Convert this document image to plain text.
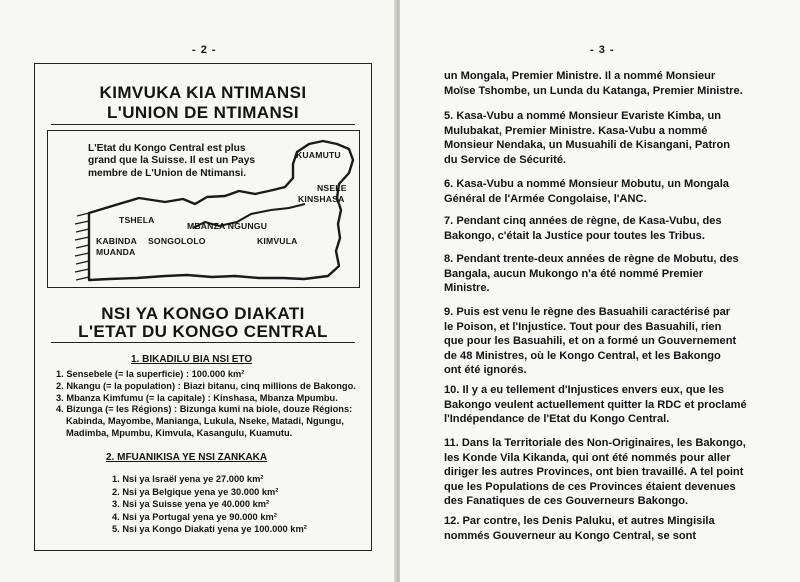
- 2 -
KIMVUKA KIA NTIMANSI
L'UNION DE NTIMANSI
NSI YA KONGO DIAKATI
L'ETAT DU KONGO CENTRAL
L'Etat du Kongo Central est plus
grand que la Suisse. Il est un Pays
membre de L'Union de Ntimansi.
KUAMUTU
NSELE
KINSHASA
TSHELA
MBANZA NGUNGU
KABINDA
MUANDA
SONGOLOLO	KIMVULA
1. BIKADILU BIA NSI ETO
1. Sensebele (= la superficie) : 100.000 km²
2. Nkangu (= la population) : Biazi bitanu, cinq millions de Bakongo.
3. Mbanza Kimfumu (= la capitale) : Kinshasa, Mbanza Mpumbu.
4. Bizunga (= les Régions) : Bizunga kumi na biole, douze Régions:
Kabinda, Mayombe, Manianga, Lukula, Nseke, Matadi, Ngungu,
Madimba, Mpumbu, Kimvula, Kasangulu, Kuamutu.
2. MFUANIKISA YE NSI ZANKAKA
1. Nsi ya Israël yena ye 27.000 km²
2. Nsi ya Belgique yena ye 30.000 km²
3. Nsi ya Suisse yena ye 40.000 km²
4. Nsi ya Portugal yena ye 90.000 km²
5. Nsi ya Kongo Diakati yena ye 100.000 km²
- 3 -
un Mongala, Premier Ministre. Il a nommé Monsieur
Moïse Tshombe, un Lunda du Katanga, Premier Ministre.
5. Kasa-Vubu a nommé Monsieur Evariste Kimba, un
Mulubakat, Premier Ministre. Kasa-Vubu a nommé
Monsieur Nendaka, un Musuahili de Kisangani, Patron
du Service de Sécurité.
6. Kasa-Vubu a nommé Monsieur Mobutu, un Mongala
Général de l'Armée Congolaise, l'ANC.
7. Pendant cinq années de règne, de Kasa-Vubu, des
Bakongo, c'était la Justice pour toutes les Tribus.
8. Pendant trente-deux années de règne de Mobutu, des
Bangala, aucun Mukongo n'a été nommé Premier
Ministre.
9. Puis est venu le règne des Basuahili caractérisé par
le Poison, et l'Injustice. Tout pour des Basuahili, rien
que pour les Basuahili, et on a formé un Gouvernement
de 48 Ministres, où le Kongo Central, et les Bakongo
ont été ignorés.
10. Il y a eu tellement d'Injustices envers eux, que les
Bakongo veulent actuellement quitter la RDC et proclamé
l'Indépendance de l'Etat du Kongo Central.
11. Dans la Territoriale des Non-Originaires, les Bakongo,
les Konde Vila Kikanda, qui ont été nommés pour aller
diriger les autres Provinces, ont bien travaillé. A tel point
que les Populations de ces Provinces étaient devenues
des Fanatiques de ces Gouverneurs Bakongo.
12. Par contre, les Denis Paluku, et autres Mingisila
nommés Gouverneur au Kongo Central, se sont
